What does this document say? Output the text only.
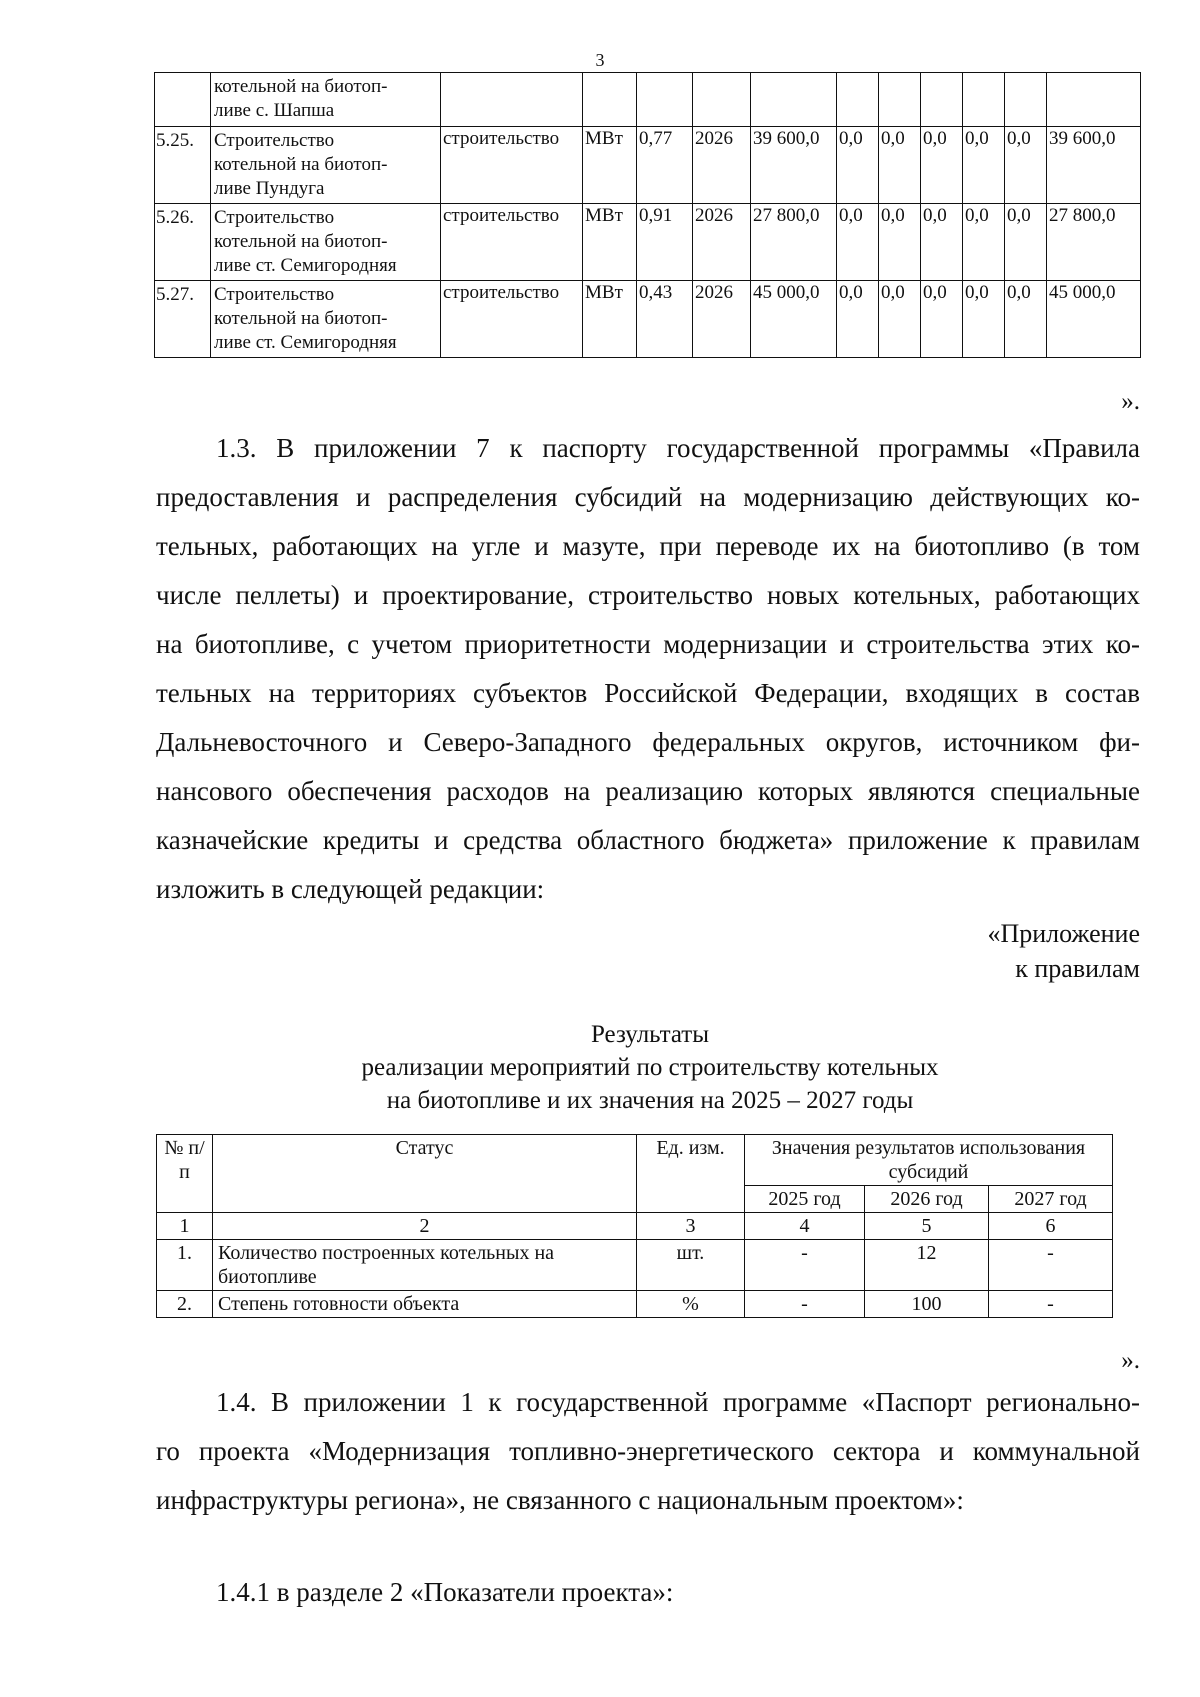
3

	котельной на биотоп-
ливе с. Шапша											

5.25.	Строительство
котельной на биотоп-
ливе Пундуга	строительство	МВт	0,77	2026	39 600,0	0,0	0,0	0,0	0,0	0,0	39 600,0
5.26.	Строительство
котельной на биотоп-
ливе ст. Семигородняя	строительство	МВт	0,91	2026	27 800,0	0,0	0,0	0,0	0,0	0,0	27 800,0
5.27.	Строительство
котельной на биотоп-
ливе ст. Семигородняя	строительство	МВт	0,43	2026	45 000,0	0,0	0,0	0,0	0,0	0,0	45 000,0
».
1.3. В приложении 7 к паспорту государственной программы «Правила
предоставления и распределения субсидий на модернизацию действующих ко-
тельных, работающих на угле и мазуте, при переводе их на биотопливо (в том
числе пеллеты) и проектирование, строительство новых котельных, работающих
на биотопливе, с учетом приоритетности модернизации и строительства этих ко-
тельных на территориях субъектов Российской Федерации, входящих в состав
Дальневосточного и Северо-Западного федеральных округов, источником фи-
нансового обеспечения расходов на реализацию которых являются специальные
казначейские кредиты и средства областного бюджета» приложение к правилам
изложить в следующей редакции:
«Приложение
к правилам
Результаты
реализации мероприятий по строительству котельных
на биотопливе и их значения на 2025 – 2027 годы
№ п/п	Статус	Ед. изм.	Значения результатов использования субсидий		
			2025 год	2026 год	2027 год
1	2	3	4	5	6
1.	Количество построенных котельных на
биотопливе	шт.	-	12	-
2.	Степень готовности объекта	%	-	100	-
».
1.4. В приложении 1 к государственной программе «Паспорт регионально-
го проекта «Модернизация топливно-энергетического сектора и коммунальной
инфраструктуры региона», не связанного с национальным проектом»:
1.4.1 в разделе 2 «Показатели проекта»:
